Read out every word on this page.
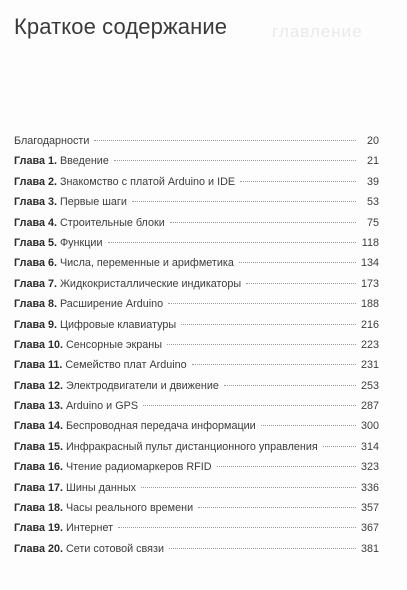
Краткое содержание	главление
Благодарности	20
Глава 1. Введение	21
Глава 2. Знакомство с платой Arduino и IDE	39
Глава 3. Первые шаги	53
Глава 4. Строительные блоки	75
Глава 5. Функции	118
Глава 6. Числа, переменные и арифметика	134
Глава 7. Жидкокристаллические индикаторы	173
Глава 8. Расширение Arduino	188
Глава 9. Цифровые клавиатуры	216
Глава 10. Сенсорные экраны	223
Глава 11. Семейство плат Arduino	231
Глава 12. Электродвигатели и движение	253
Глава 13. Arduino и GPS	287
Глава 14. Беспроводная передача информации	300
Глава 15. Инфракрасный пульт дистанционного управления	314
Глава 16. Чтение радиомаркеров RFID	323
Глава 17. Шины данных	336
Глава 18. Часы реального времени	357
Глава 19. Интернет	367
Глава 20. Сети сотовой связи	381
